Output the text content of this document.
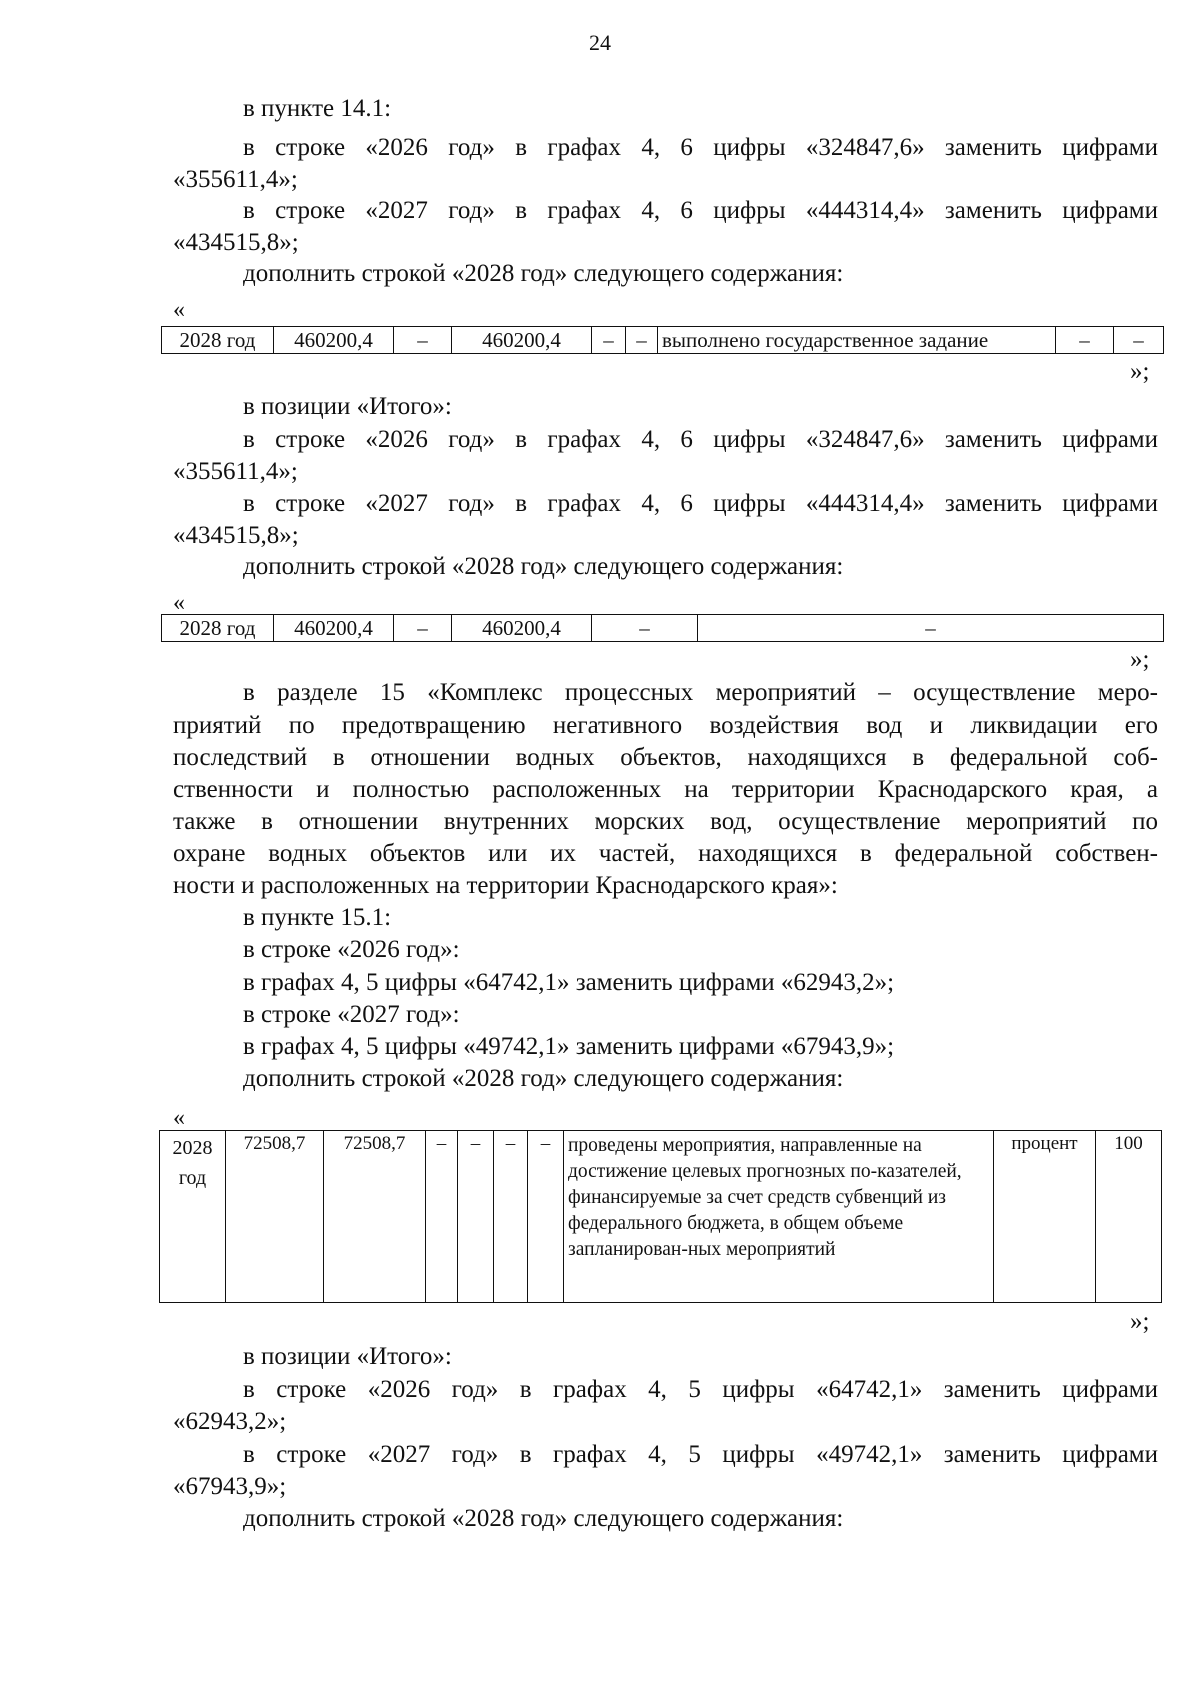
24
в пункте 14.1:
в строке «2026 год» в графах 4, 6 цифры «324847,6» заменить цифрами
«355611,4»;
в строке «2027 год» в графах 4, 6 цифры «444314,4» заменить цифрами
«434515,8»;
дополнить строкой «2028 год» следующего содержания:
«
2028 год	460200,4	–	460200,4	–	–	выполнено государственное задание	–	–
»;
в позиции «Итого»:
в строке «2026 год» в графах 4, 6 цифры «324847,6» заменить цифрами
«355611,4»;
в строке «2027 год» в графах 4, 6 цифры «444314,4» заменить цифрами
«434515,8»;
дополнить строкой «2028 год» следующего содержания:
«
2028 год	460200,4	–	460200,4	–	–
»;
в разделе 15 «Комплекс процессных мероприятий – осуществление меро-
приятий по предотвращению негативного воздействия вод и ликвидации его
последствий в отношении водных объектов, находящихся в федеральной соб-
ственности и полностью расположенных на территории Краснодарского края, а
также в отношении внутренних морских вод, осуществление мероприятий по
охране водных объектов или их частей, находящихся в федеральной собствен-
ности и расположенных на территории Краснодарского края»:
в пункте 15.1:
в строке «2026 год»:
в графах 4, 5 цифры «64742,1» заменить цифрами «62943,2»;
в строке «2027 год»:
в графах 4, 5 цифры «49742,1» заменить цифрами «67943,9»;
дополнить строкой «2028 год» следующего содержания:
«
2028 год	72508,7	72508,7	–	–	–	–	проведены мероприятия, направленные на достижение целевых прогнозных по-казателей, финансируемые за счет средств субвенций из федерального бюджета, в общем объеме запланирован-ных мероприятий	процент	100
»;
в позиции «Итого»:
в строке «2026 год» в графах 4, 5 цифры «64742,1» заменить цифрами
«62943,2»;
в строке «2027 год» в графах 4, 5 цифры «49742,1» заменить цифрами
«67943,9»;
дополнить строкой «2028 год» следующего содержания:
